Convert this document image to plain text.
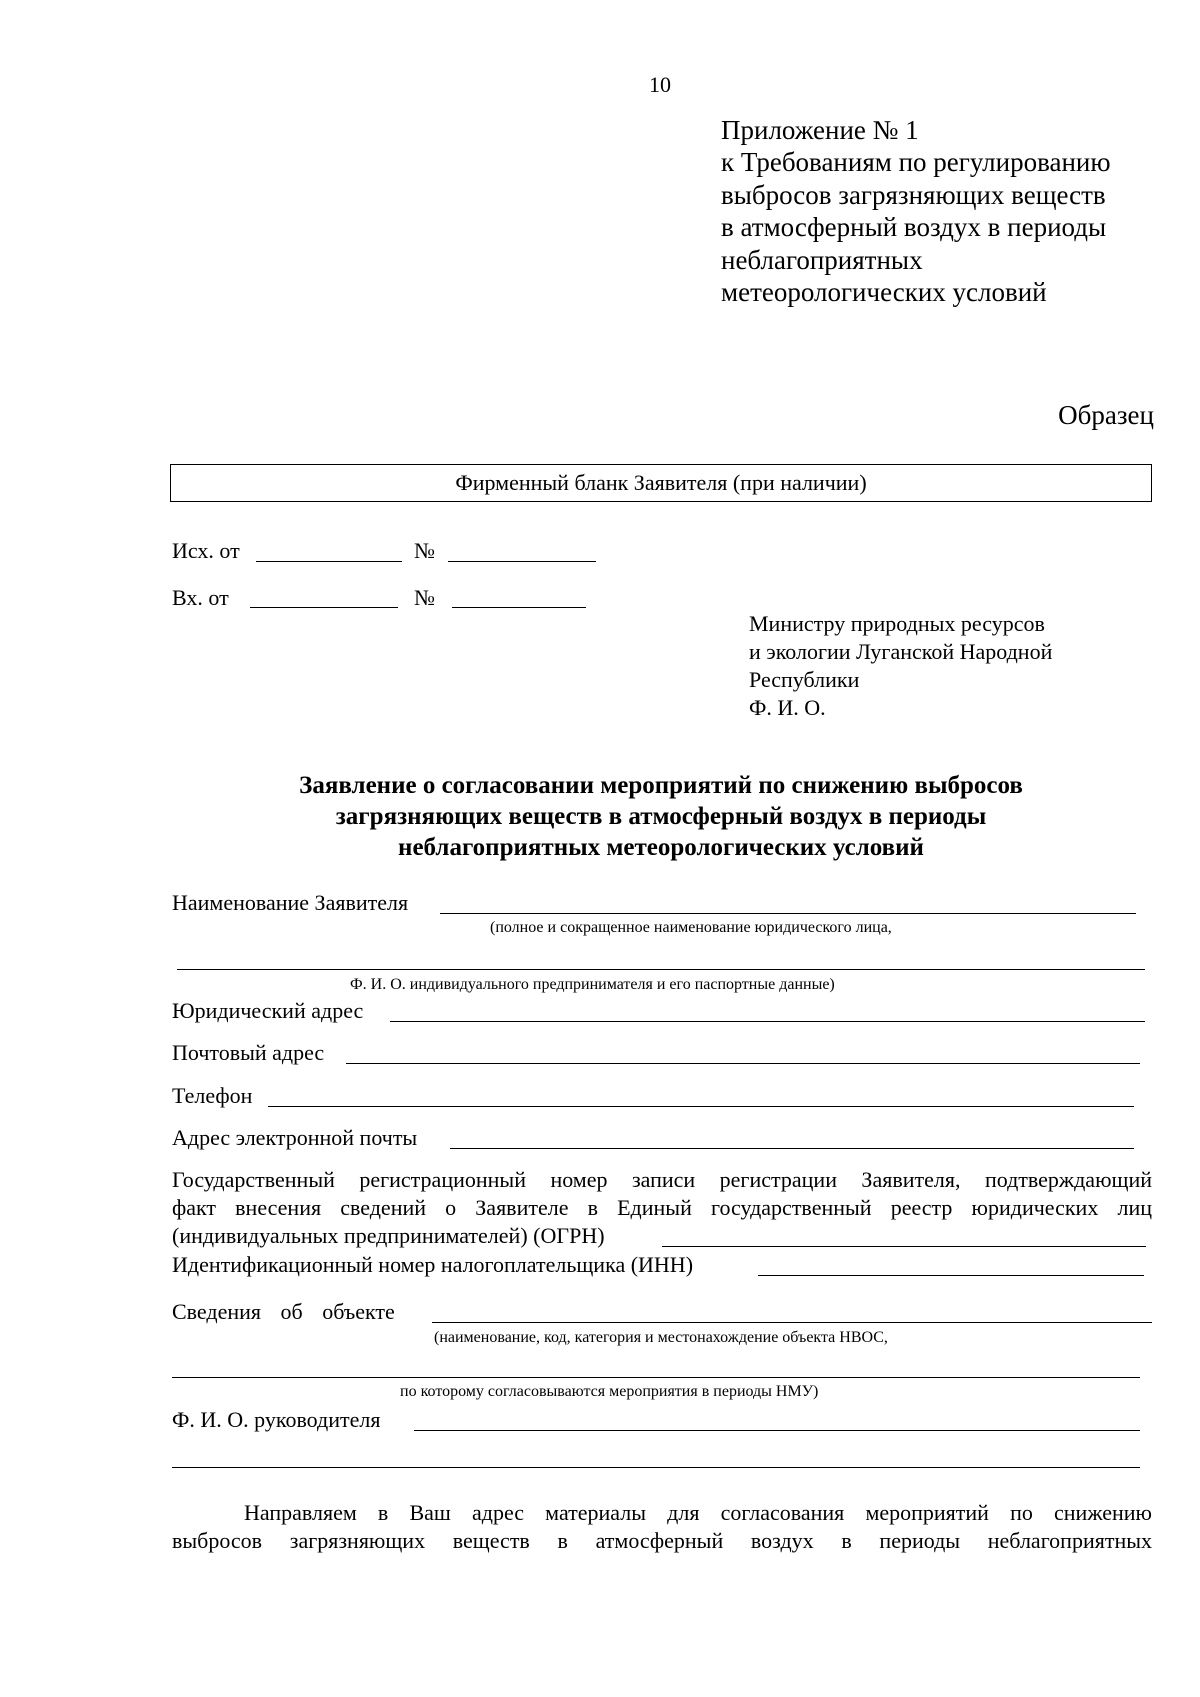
10
Приложение № 1
к Требованиям по регулированию
выбросов загрязняющих веществ
в атмосферный воздух в периоды
неблагоприятных
метеорологических условий
Образец
Фирменный бланк Заявителя (при наличии)
Исх. от	№
Вх. от	№
Министру природных ресурсов
и экологии Луганской Народной
Республики
Ф. И. О.
Заявление о согласовании мероприятий по снижению выбросов
загрязняющих веществ в атмосферный воздух в периоды
неблагоприятных метеорологических условий
Наименование Заявителя
(полное и сокращенное наименование юридического лица,
Ф. И. О. индивидуального предпринимателя и его паспортные данные)
Юридический адрес
Почтовый адрес
Телефон
Адрес электронной почты
Государственный регистрационный номер записи регистрации Заявителя, подтверждающий
факт внесения сведений о Заявителе в Единый государственный реестр юридических лиц
(индивидуальных предпринимателей) (ОГРН)
Идентификационный номер налогоплательщика (ИНН)
Сведения об объекте
(наименование, код, категория и местонахождение объекта НВОС,
по которому согласовываются мероприятия в периоды НМУ)
Ф. И. О. руководителя
Направляем в Ваш адрес материалы для согласования мероприятий по снижению
выбросов загрязняющих веществ в атмосферный воздух в периоды неблагоприятных
